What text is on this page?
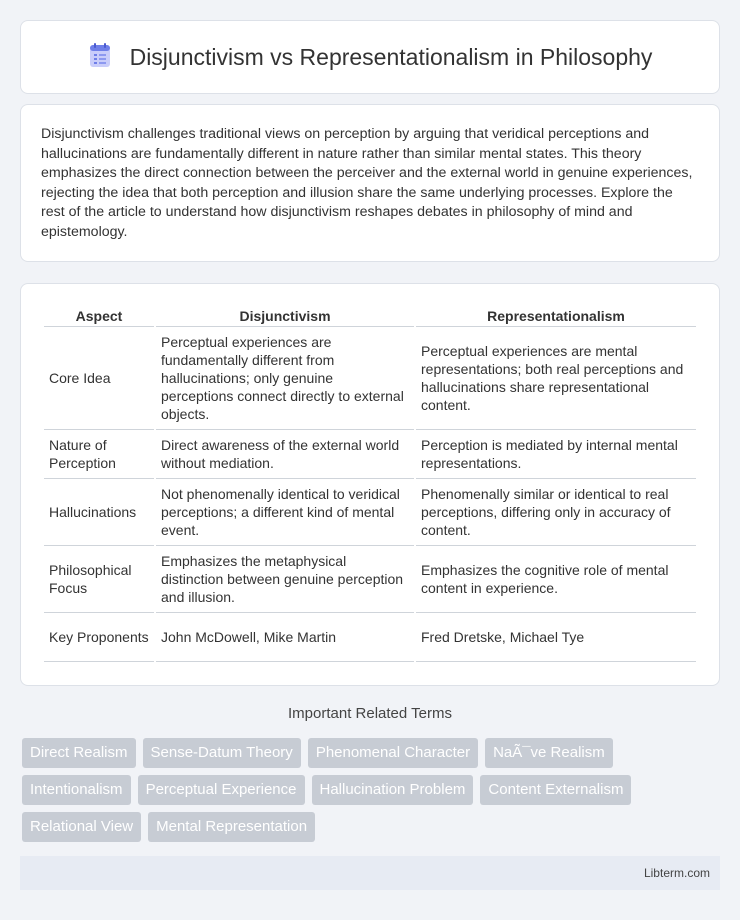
Disjunctivism vs Representationalism in Philosophy

Disjunctivism challenges traditional views on perception by arguing that veridical perceptions and hallucinations are fundamentally different in nature rather than similar mental states. This theory emphasizes the direct connection between the perceiver and the external world in genuine experiences, rejecting the idea that both perception and illusion share the same underlying processes. Explore the rest of the article to understand how disjunctivism reshapes debates in philosophy of mind and epistemology.

Aspect	Disjunctivism	Representationalism
Core Idea	Perceptual experiences are fundamentally different from hallucinations; only genuine perceptions connect directly to external objects.	Perceptual experiences are mental representations; both real perceptions and hallucinations share representational content.
Nature of Perception	Direct awareness of the external world without mediation.	Perception is mediated by internal mental representations.
Hallucinations	Not phenomenally identical to veridical perceptions; a different kind of mental event.	Phenomenally similar or identical to real perceptions, differing only in accuracy of content.
Philosophical Focus	Emphasizes the metaphysical distinction between genuine perception and illusion.	Emphasizes the cognitive role of mental content in experience.
Key Proponents	John McDowell, Mike Martin	Fred Dretske, Michael Tye
Important Related Terms
Direct Realism	Sense-Datum Theory	Phenomenal Character	NaÃ¯ve Realism
Intentionalism	Perceptual Experience	Hallucination Problem	Content Externalism
Relational View	Mental Representation
Libterm.com
